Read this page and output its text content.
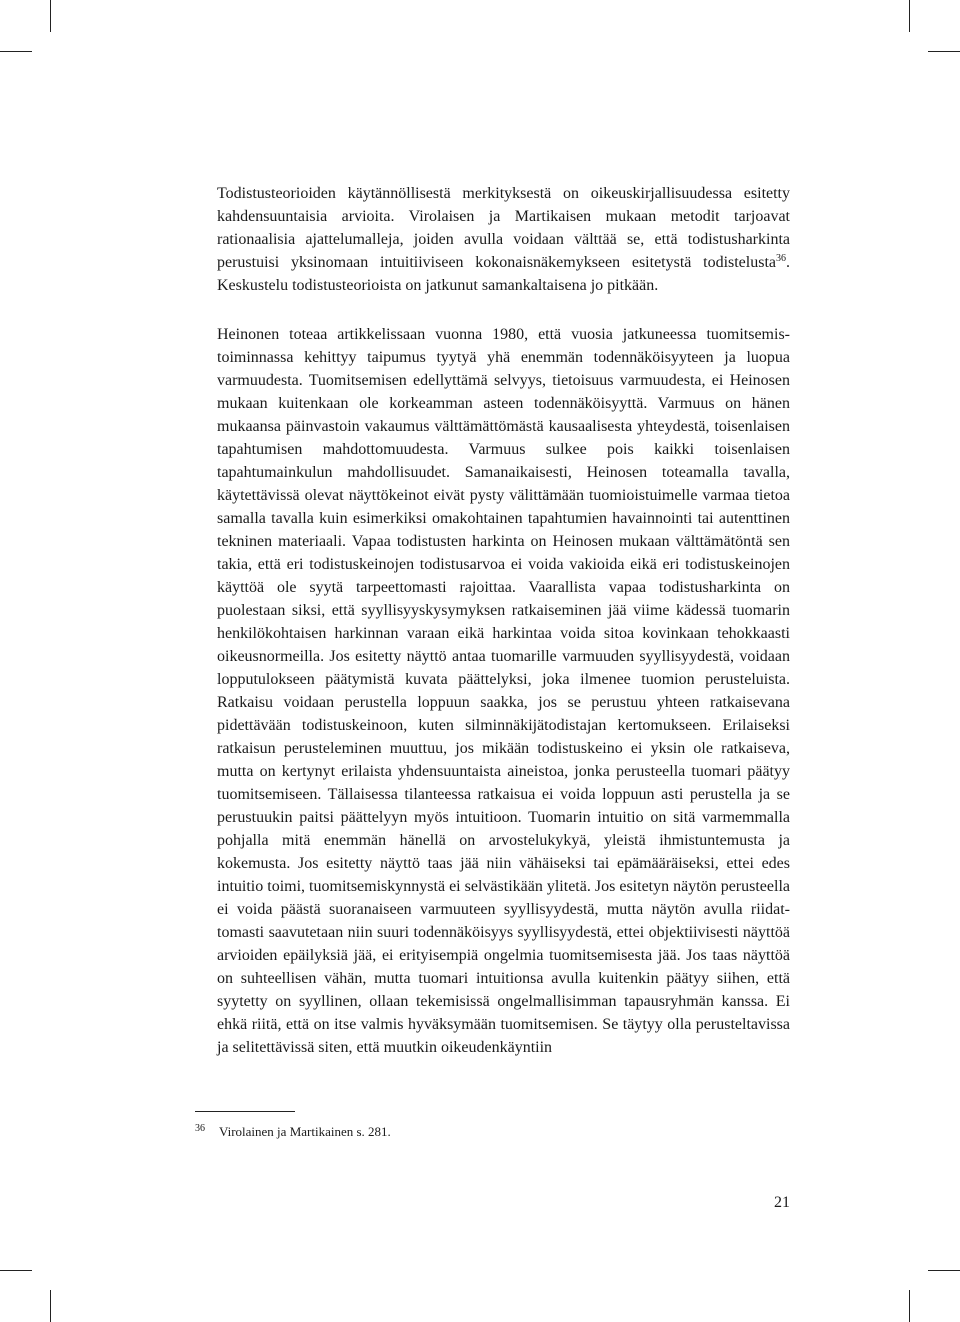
Todistusteorioiden käytännöllisestä merkityksestä on oikeuskirjallisuudessa esitetty kahdensuuntaisia arvioita. Virolaisen ja Martikaisen mukaan metodit tarjoavat rationaalisia ajattelumalleja, joiden avulla voidaan välttää se, että todistusharkinta perustuisi yksinomaan intuitiiviseen kokonaisnäkemykseen esitetystä todistelusta$^{36}$. Keskustelu todistusteorioista on jatkunut samankaltaisena jo pitkään.

Heinonen toteaa artikkelissaan vuonna 1980, että vuosia jatkuneessa tuomitsemistoiminnassa kehittyy taipumus tyytyä yhä enemmän todennäköisyyteen ja luopua varmuudesta. Tuomitsemisen edellyttämä selvyys, tietoisuus varmuudesta, ei Heinosen mukaan kuitenkaan ole korkeamman asteen todennäköisyyttä. Varmuus on hänen mukaansa päinvastoin vakaumus välttämättömästä kausaalisesta yhteydestä, toisenlaisen tapahtumisen mahdottomuudesta. Varmuus sulkee pois kaikki toisenlaisen tapahtumainkulun mahdollisuudet. Samanaikaisesti, Heinosen toteamalla tavalla, käytettävissä olevat näyttökeinot eivät pysty välittämään tuomioistuimelle varmaa tietoa samalla tavalla kuin esimerkiksi omakohtainen tapahtumien havainnointi tai autenttinen tekninen materiaali. Vapaa todistusten harkinta on Heinosen mukaan välttämätöntä sen takia, että eri todistuskeinojen todistusarvoa ei voida vakioida eikä eri todistuskeinojen käyttöä ole syytä tarpeettomasti rajoittaa. Vaarallista vapaa todistusharkinta on puolestaan siksi, että syyllisyyskysymyksen ratkaiseminen jää viime kädessä tuomarin henkilökohtaisen harkinnan varaan eikä harkintaa voida sitoa kovinkaan tehokkaasti oikeusnormeilla. Jos esitetty näyttö antaa tuomarille varmuuden syyllisyydestä, voidaan lopputulokseen päätymistä kuvata päättelyksi, joka ilmenee tuomion perusteluista. Ratkaisu voidaan perustella loppuun saakka, jos se perustuu yhteen ratkaisevana pidettävään todistuskeinoon, kuten silminnäkijätodistajan kertomukseen. Erilaiseksi ratkaisun perusteleminen muuttuu, jos mikään todistuskeino ei yksin ole ratkaiseva, mutta on kertynyt erilaista yhdensuuntaista aineistoa, jonka perusteella tuomari päätyy tuomitsemiseen. Tällaisessa tilanteessa ratkaisua ei voida loppuun asti perustella ja se perustuukin paitsi päättelyyn myös intuitioon. Tuomarin intuitio on sitä varmemmalla pohjalla mitä enemmän hänellä on arvostelukykyä, yleistä ihmistuntemusta ja kokemusta. Jos esitetty näyttö taas jää niin vähäiseksi tai epämääräiseksi, ettei edes intuitio toimi, tuomitsemiskynnystä ei selvästikään ylitetä. Jos esitetyn näytön perusteella ei voida päästä suoranaiseen varmuuteen syyllisyydestä, mutta näytön avulla riidattomasti saavutetaan niin suuri todennäköisyys syyllisyydestä, ettei objektiivisesti näyttöä arvioiden epäilyksiä jää, ei erityisempiä ongelmia tuomitsemisesta jää. Jos taas näyttöä on suhteellisen vähän, mutta tuomari intuitionsa avulla kuitenkin päätyy siihen, että syytetty on syyllinen, ollaan tekemisissä ongelmallisimman tapausryhmän kanssa. Ei ehkä riitä, että on itse valmis hyväksymään tuomitsemisen. Se täytyy olla perusteltavissa ja selitettävissä siten, että muutkin oikeudenkäyntiin

$^{36}$ Virolainen ja Martikainen s. 281.
21
